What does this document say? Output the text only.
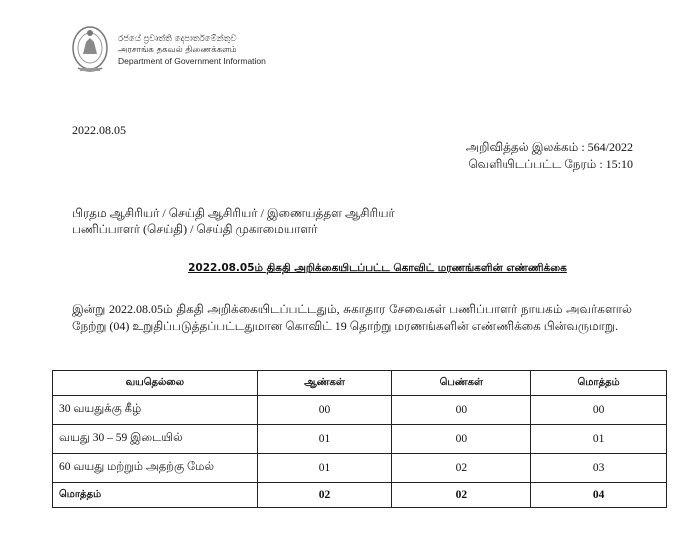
රජයේ ප්‍රවෘත්ති දෙපාර්තමේන්තුව
அரசாங்க தகவல் திணைக்களம்
Department of Government Information
2022.08.05
அறிவித்தல் இலக்கம் : 564/2022
வெளியிடப்பட்ட நேரம் : 15:10
பிரதம ஆசிரியர் / செய்தி ஆசிரியர் / இணையத்தள ஆசிரியர்
பணிப்பாளர் (செய்தி) / செய்தி முகாமையாளர்
2022.08.05ம் திகதி அறிக்கையிடப்பட்ட கொவிட் மரணங்களின் எண்ணிக்கை
இன்று 2022.08.05ம் திகதி அறிக்கையிடப்பட்டதும், சுகாதார சேவைகள் பணிப்பாளர் நாயகம் அவர்களால் நேற்று (04) உறுதிப்படுத்தப்பட்டதுமான கொவிட் 19 தொற்று மரணங்களின் எண்ணிக்கை பின்வருமாறு.
வயதெல்லை	ஆண்கள்	பெண்கள்	மொத்தம்
30 வயதுக்கு கீழ்	00	00	00
வயது 30 – 59 இடையில்	01	00	01
60 வயது மற்றும் அதற்கு மேல்	01	02	03
மொத்தம்	02	02	04
